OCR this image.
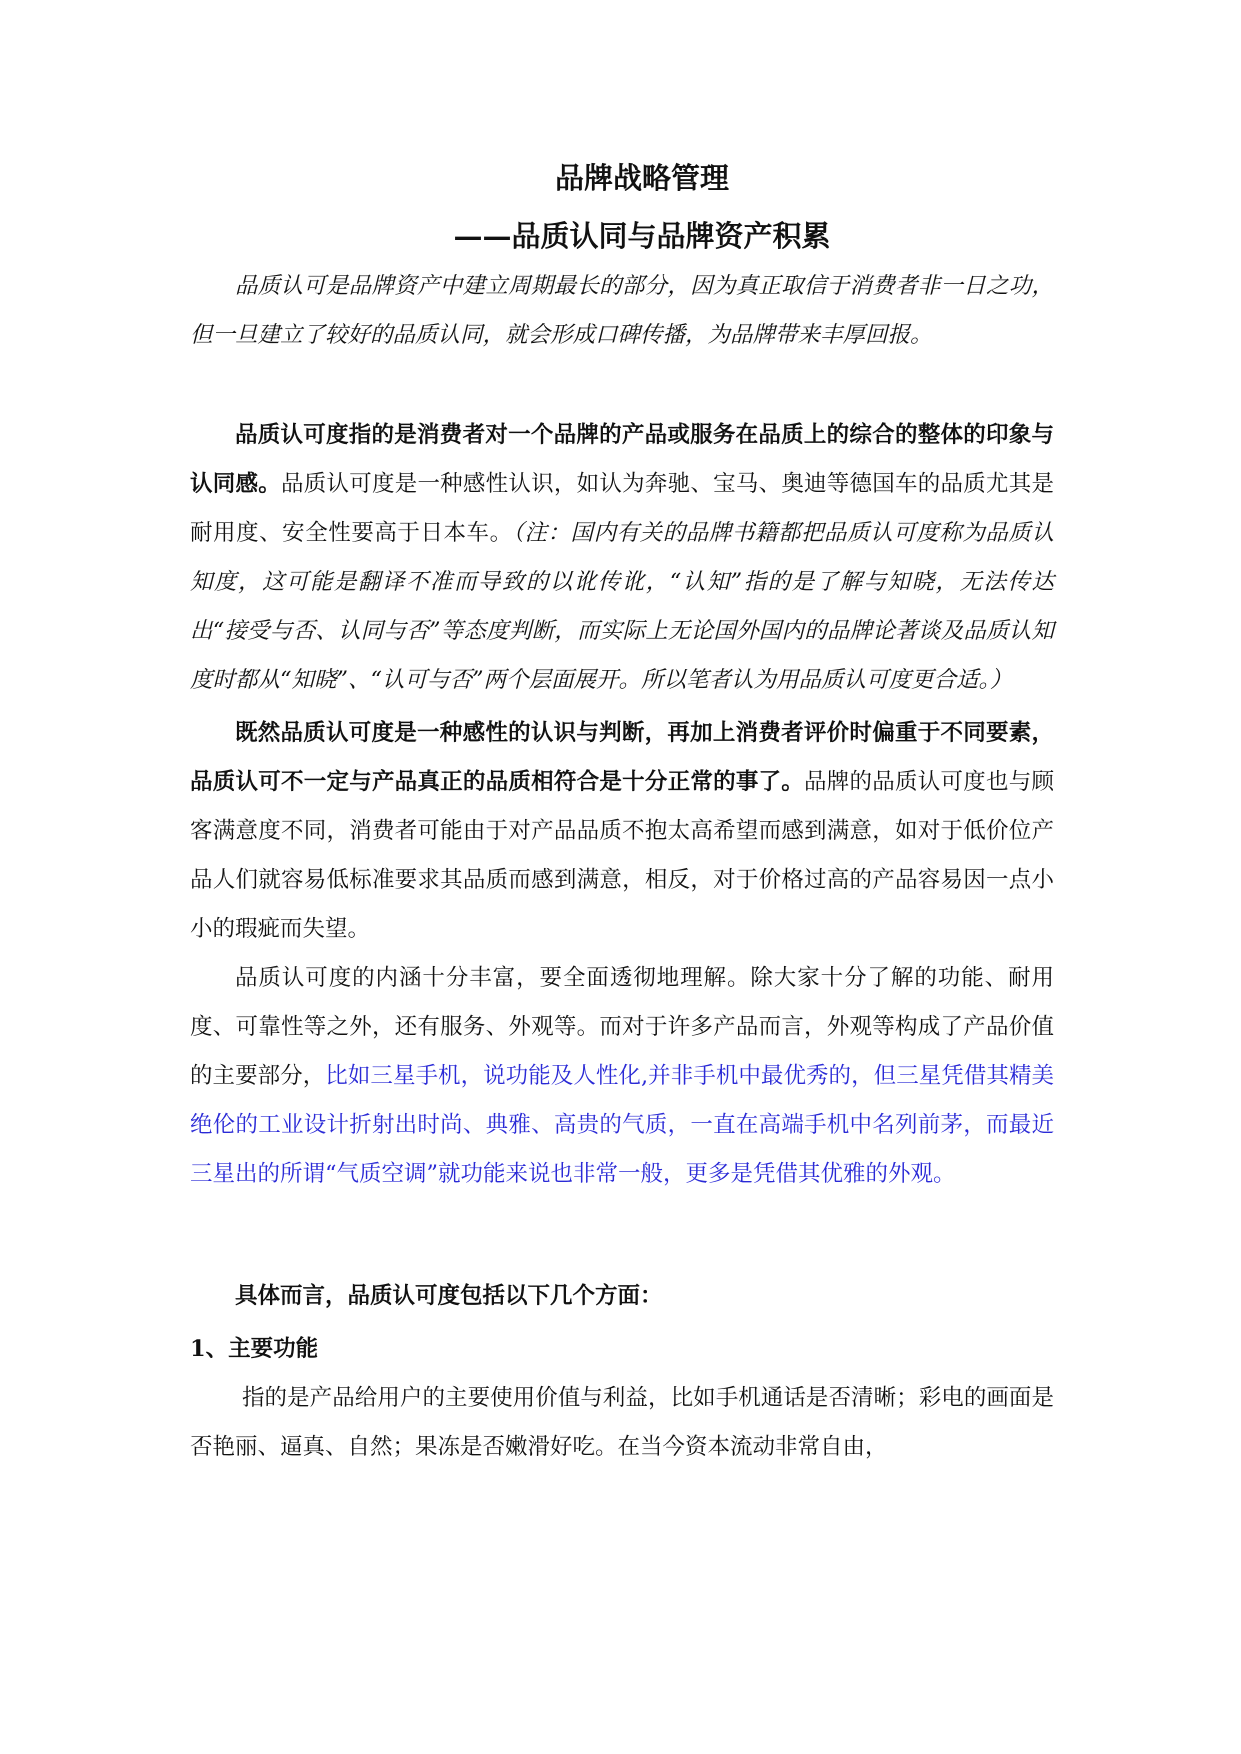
品牌战略管理
——品质认同与品牌资产积累

品质认可是品牌资产中建立周期最长的部分，因为真正取信于消费者非一日之功，但一旦建立了较好的品质认同，就会形成口碑传播，为品牌带来丰厚回报。

品质认可度指的是消费者对一个品牌的产品或服务在品质上的综合的整体的印象与认同感。品质认可度是一种感性认识，如认为奔驰、宝马、奥迪等德国车的品质尤其是耐用度、安全性要高于日本车。（注：国内有关的品牌书籍都把品质认可度称为品质认知度，这可能是翻译不准而导致的以讹传讹，“认知”指的是了解与知晓，无法传达出“接受与否、认同与否”等态度判断，而实际上无论国外国内的品牌论著谈及品质认知度时都从“知晓”、“认可与否”两个层面展开。所以笔者认为用品质认可度更合适。）

既然品质认可度是一种感性的认识与判断，再加上消费者评价时偏重于不同要素，品质认可不一定与产品真正的品质相符合是十分正常的事了。品牌的品质认可度也与顾客满意度不同，消费者可能由于对产品品质不抱太高希望而感到满意，如对于低价位产品人们就容易低标准要求其品质而感到满意，相反，对于价格过高的产品容易因一点小小的瑕疵而失望。

品质认可度的内涵十分丰富，要全面透彻地理解。除大家十分了解的功能、耐用度、可靠性等之外，还有服务、外观等。而对于许多产品而言，外观等构成了产品价值的主要部分，比如三星手机，说功能及人性化,并非手机中最优秀的，但三星凭借其精美绝伦的工业设计折射出时尚、典雅、高贵的气质，一直在高端手机中名列前茅，而最近三星出的所谓“气质空调”就功能来说也非常一般，更多是凭借其优雅的外观。

具体而言，品质认可度包括以下几个方面：

1、主要功能

指的是产品给用户的主要使用价值与利益，比如手机通话是否清晰；彩电的画面是否艳丽、逼真、自然；果冻是否嫩滑好吃。在当今资本流动非常自由，
